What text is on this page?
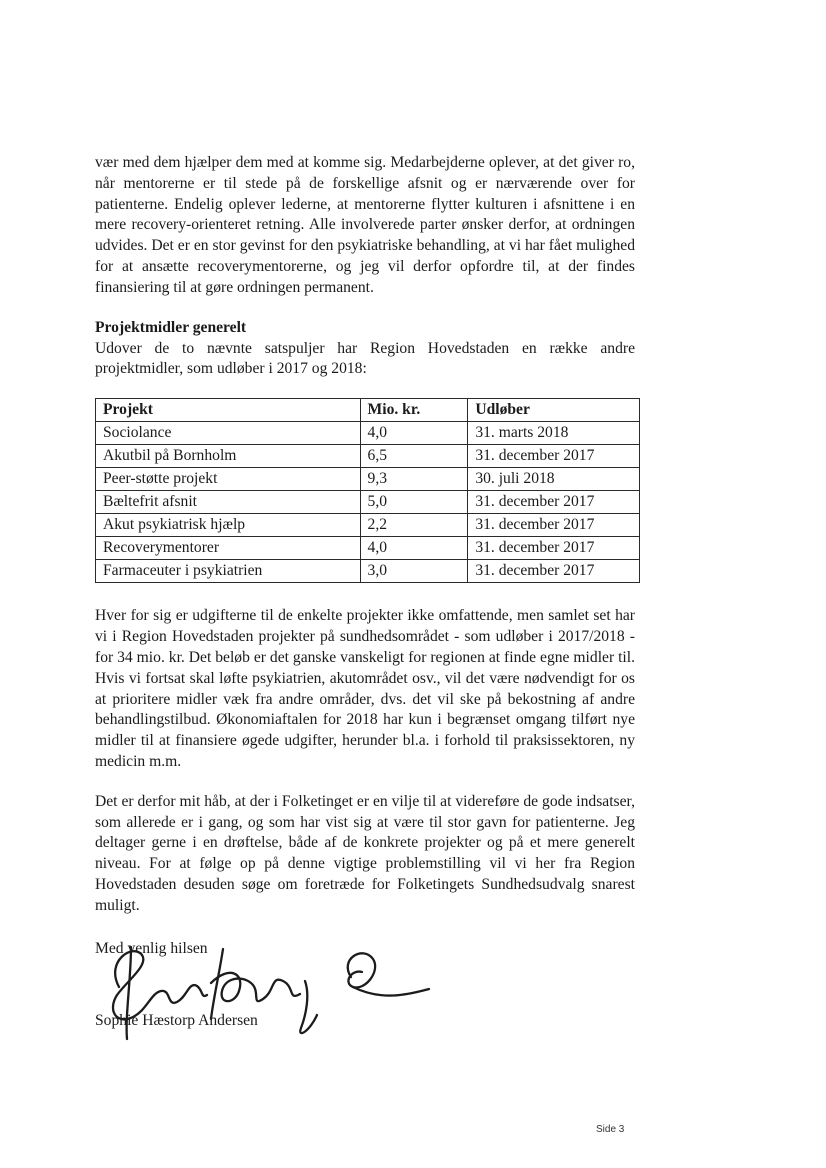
vær med dem hjælper dem med at komme sig. Medarbejderne oplever, at det giver ro, når mentorerne er til stede på de forskellige afsnit og er nærværende over for patienterne. Endelig oplever lederne, at mentorerne flytter kulturen i afsnittene i en mere recovery-orienteret retning. Alle involverede parter ønsker derfor, at ordningen udvides. Det er en stor gevinst for den psykiatriske behandling, at vi har fået mulighed for at ansætte recoverymentorerne, og jeg vil derfor opfordre til, at der findes finansiering til at gøre ordningen permanent.

Projektmidler generelt

Udover de to nævnte satspuljer har Region Hovedstaden en række andre projektmidler, som udløber i 2017 og 2018:

Projekt	Mio. kr.	Udløber
Sociolance	4,0	31. marts 2018
Akutbil på Bornholm	6,5	31. december 2017
Peer-støtte projekt	9,3	30. juli 2018
Bæltefrit afsnit	5,0	31. december 2017
Akut psykiatrisk hjælp	2,2	31. december 2017
Recoverymentorer	4,0	31. december 2017
Farmaceuter i psykiatrien	3,0	31. december 2017

Hver for sig er udgifterne til de enkelte projekter ikke omfattende, men samlet set har vi i Region Hovedstaden projekter på sundhedsområdet - som udløber i 2017/2018 - for 34 mio. kr. Det beløb er det ganske vanskeligt for regionen at finde egne midler til. Hvis vi fortsat skal løfte psykiatrien, akutområdet osv., vil det være nødvendigt for os at prioritere midler væk fra andre områder, dvs. det vil ske på bekostning af andre behandlingstilbud. Økonomiaftalen for 2018 har kun i begrænset omgang tilført nye midler til at finansiere øgede udgifter, herunder bl.a. i forhold til praksissektoren, ny medicin m.m.

Det er derfor mit håb, at der i Folketinget er en vilje til at videreføre de gode indsatser, som allerede er i gang, og som har vist sig at være til stor gavn for patienterne. Jeg deltager gerne i en drøftelse, både af de konkrete projekter og på et mere generelt niveau. For at følge op på denne vigtige problemstilling vil vi her fra Region Hovedstaden desuden søge om foretræde for Folketingets Sundhedsudvalg snarest muligt.

Med venlig hilsen

Sophie Hæstorp Andersen

Side 3
